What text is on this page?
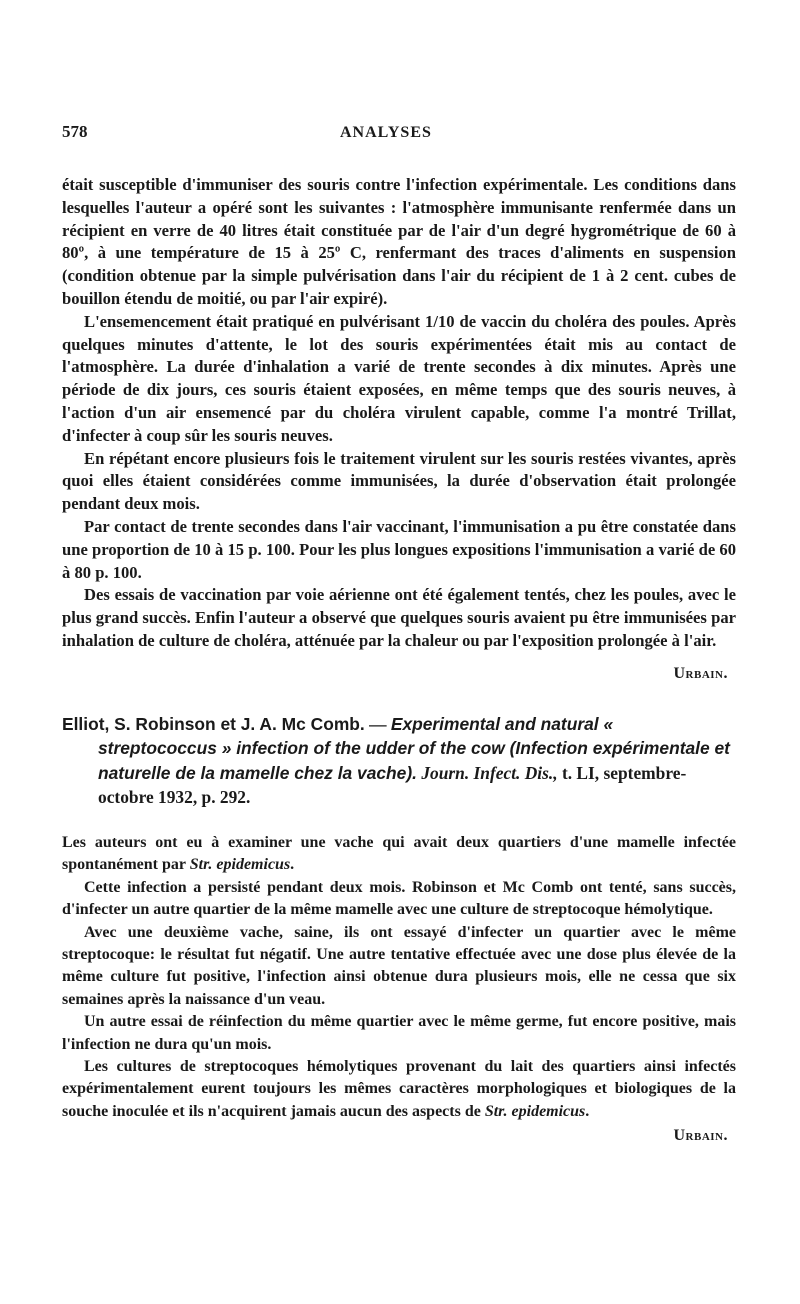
578	ANALYSES

était susceptible d'immuniser des souris contre l'infection expérimentale. Les conditions dans lesquelles l'auteur a opéré sont les suivantes : l'atmosphère immunisante renfermée dans un récipient en verre de 40 litres était constituée par de l'air d'un degré hygrométrique de 60 à 80º, à une température de 15 à 25º C, renfermant des traces d'aliments en suspension (condition obtenue par la simple pulvérisation dans l'air du récipient de 1 à 2 cent. cubes de bouillon étendu de moitié, ou par l'air expiré).

L'ensemencement était pratiqué en pulvérisant 1/10 de vaccin du choléra des poules. Après quelques minutes d'attente, le lot des souris expérimentées était mis au contact de l'atmosphère. La durée d'inhalation a varié de trente secondes à dix minutes. Après une période de dix jours, ces souris étaient exposées, en même temps que des souris neuves, à l'action d'un air ensemencé par du choléra virulent capable, comme l'a montré Trillat, d'infecter à coup sûr les souris neuves.

En répétant encore plusieurs fois le traitement virulent sur les souris restées vivantes, après quoi elles étaient considérées comme immunisées, la durée d'observation était prolongée pendant deux mois.

Par contact de trente secondes dans l'air vaccinant, l'immunisation a pu être constatée dans une proportion de 10 à 15 p. 100. Pour les plus longues expositions l'immunisation a varié de 60 à 80 p. 100.

Des essais de vaccination par voie aérienne ont été également tentés, chez les poules, avec le plus grand succès. Enfin l'auteur a observé que quelques souris avaient pu être immunisées par inhalation de culture de choléra, atténuée par la chaleur ou par l'exposition prolongée à l'air.

Urbain.
Elliot, S. Robinson et J. A. Mc Comb. — Experimental and natural « streptococcus » infection of the udder of the cow (Infection expérimentale et naturelle de la mamelle chez la vache). Journ. Infect. Dis., t. LI, septembre-octobre 1932, p. 292.

Les auteurs ont eu à examiner une vache qui avait deux quartiers d'une mamelle infectée spontanément par Str. epidemicus.

Cette infection a persisté pendant deux mois. Robinson et Mc Comb ont tenté, sans succès, d'infecter un autre quartier de la même mamelle avec une culture de streptocoque hémolytique.

Avec une deuxième vache, saine, ils ont essayé d'infecter un quartier avec le même streptocoque: le résultat fut négatif. Une autre tentative effectuée avec une dose plus élevée de la même culture fut positive, l'infection ainsi obtenue dura plusieurs mois, elle ne cessa que six semaines après la naissance d'un veau.

Un autre essai de réinfection du même quartier avec le même germe, fut encore positive, mais l'infection ne dura qu'un mois.

Les cultures de streptocoques hémolytiques provenant du lait des quartiers ainsi infectés expérimentalement eurent toujours les mêmes caractères morphologiques et biologiques de la souche inoculée et ils n'acquirent jamais aucun des aspects de Str. epidemicus.

Urbain.
